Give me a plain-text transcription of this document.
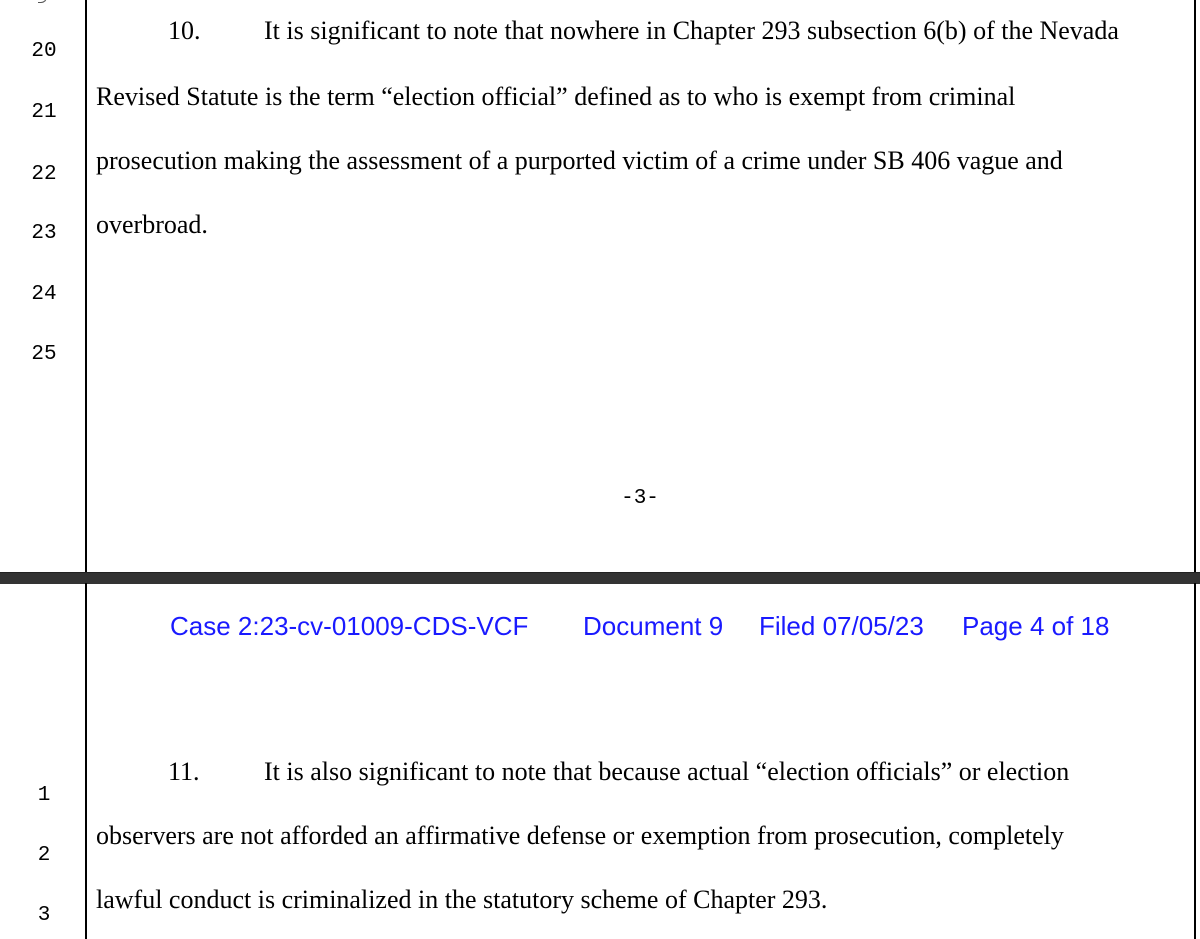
20
21
22
23
24
25
10. It is significant to note that nowhere in Chapter 293 subsection 6(b) of the Nevada
Revised Statute is the term “election official” defined as to who is exempt from criminal
prosecution making the assessment of a purported victim of a crime under SB 406 vague and
overbroad.
-3-
Case 2:23-cv-01009-CDS-VCF Document 9 Filed 07/05/23 Page 4 of 18
1
2
3
11. It is also significant to note that because actual “election officials” or election
observers are not afforded an affirmative defense or exemption from prosecution, completely
lawful conduct is criminalized in the statutory scheme of Chapter 293.
